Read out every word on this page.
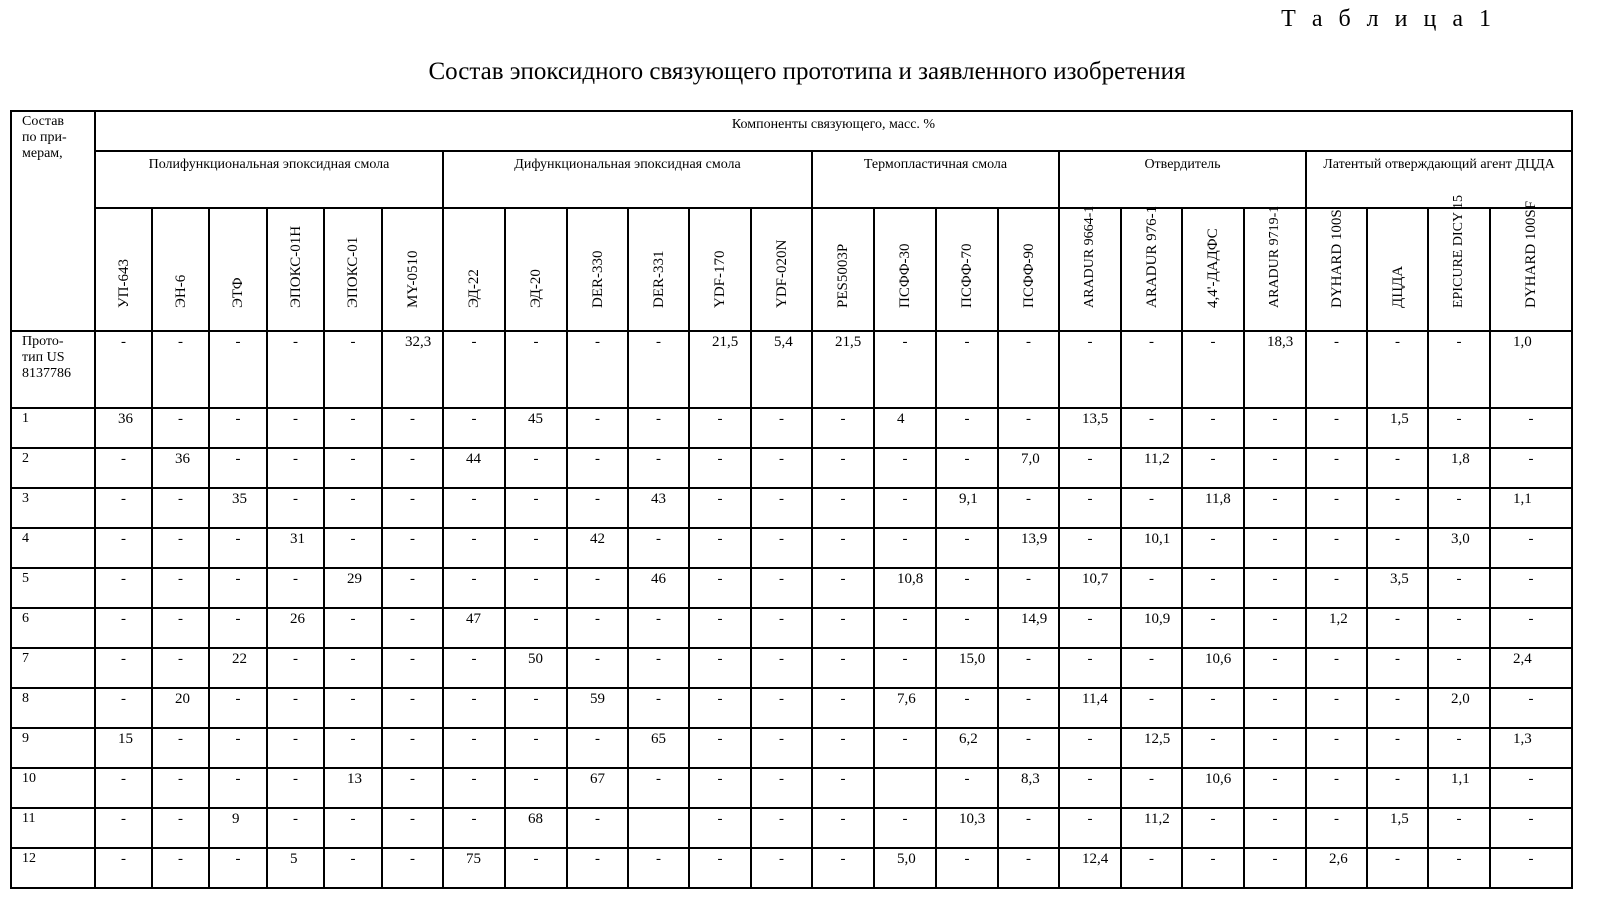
Т а б л и ц а 1
Состав эпоксидного связующего прототипа и заявленного изобретения
Состав по при- мерам,
Компоненты связующего, масс. %
Полифункциональная эпоксидная смола	Дифункциональная эпоксидная смола	Термопластичная смола	Отвердитель	Латентый отверждающий агент ДЦДА
УП-643	ЭН-6	ЭТФ	ЭПОКС-01Н	ЭПОКС-01	MY-0510	ЭД-22	ЭД-20	DER-330	DER-331	YDF-170	YDF-020N	PES5003P	ПСФФ-30	ПСФФ-70	ПСФФ-90	ARADUR 9664-1	ARADUR 976-1	4,4'-ДАДФС	ARADUR 9719-1	DYHARD 100S	ДЦДА	EPICURE DICY 15	DYHARD 100SF
Прото- тип US 8137786
-	-	-	-	-	32,3	-	-	-	-	21,5	5,4	21,5	-	-	-	-	-	-	18,3	-	-	-	1,0
1	36	-	-	-	-	-	-	45	-	-	-	-	-	4	-	-	13,5	-	-	-	-	1,5	-	-
2	-	36	-	-	-	-	44	-	-	-	-	-	-	-	-	7,0	-	11,2	-	-	-	-	1,8	-
3	-	-	35	-	-	-	-	-	-	43	-	-	-	-	9,1	-	-	-	11,8	-	-	-	-	1,1
4	-	-	-	31	-	-	-	-	42	-	-	-	-	-	-	13,9	-	10,1	-	-	-	-	3,0	-
5	-	-	-	-	29	-	-	-	-	46	-	-	-	10,8	-	-	10,7	-	-	-	-	3,5	-	-
6	-	-	-	26	-	-	47	-	-	-	-	-	-	-	-	14,9	-	10,9	-	-	1,2	-	-	-
7	-	-	22	-	-	-	-	50	-	-	-	-	-	-	15,0	-	-	-	10,6	-	-	-	-	2,4
8	-	20	-	-	-	-	-	-	59	-	-	-	-	7,6	-	-	11,4	-	-	-	-	-	2,0	-
9	15	-	-	-	-	-	-	-	-	65	-	-	-	-	6,2	-	-	12,5	-	-	-	-	-	1,3
10	-	-	-	-	13	-	-	-	67	-	-	-	-	-	8,3	-	-	10,6	-	-	-	1,1	-
11	-	-	9	-	-	-	-	68	-	-	-	-	-	10,3	-	-	11,2	-	-	-	1,5	-	-
12	-	-	-	5	-	-	75	-	-	-	-	-	-	5,0	-	-	12,4	-	-	-	2,6	-	-	-
